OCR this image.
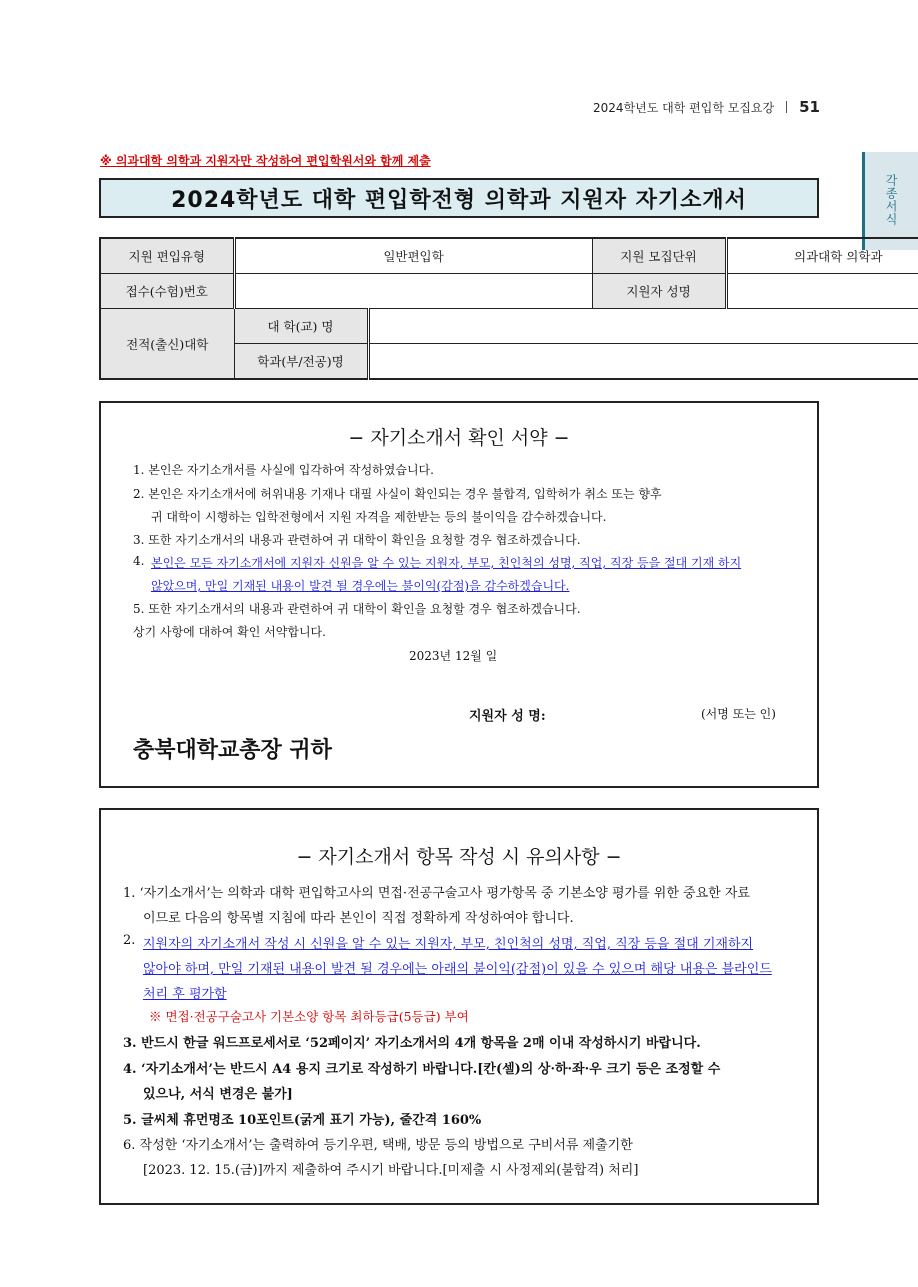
2024학년도 대학 편입학 모집요강 51
각종서식
※ 의과대학 의학과 지원자만 작성하여 편입학원서와 함께 제출
2024학년도 대학 편입학전형 의학과 지원자 자기소개서
지원 편입유형	일반편입학		지원 모집단위	의과대학 의학과
접수(수험)번호			지원자 성명	
전적(출신)대학	대 학(교) 명			
	학과(부/전공)명			
− 자기소개서 확인 서약 −
1. 본인은 자기소개서를 사실에 입각하여 작성하였습니다.
2. 본인은 자기소개서에 허위내용 기재나 대필 사실이 확인되는 경우 불합격, 입학허가 취소 또는 향후
귀 대학이 시행하는 입학전형에서 지원 자격을 제한받는 등의 불이익을 감수하겠습니다.
3. 또한 자기소개서의 내용과 관련하여 귀 대학이 확인을 요청할 경우 협조하겠습니다.
4. 본인은 모든 자기소개서에 지원자 신원을 알 수 있는 지원자, 부모, 친인척의 성명, 직업, 직장 등을 절대 기재 하지
않았으며, 만일 기재된 내용이 발견 될 경우에는 불이익(감점)을 감수하겠습니다.
5. 또한 자기소개서의 내용과 관련하여 귀 대학이 확인을 요청할 경우 협조하겠습니다.
상기 사항에 대하여 확인 서약합니다.
2023년 12월 일
지원자 성 명:	(서명 또는 인)
충북대학교총장 귀하
− 자기소개서 항목 작성 시 유의사항 −
1. ‘자기소개서’는 의학과 대학 편입학고사의 면접·전공구술고사 평가항목 중 기본소양 평가를 위한 중요한 자료
이므로 다음의 항목별 지침에 따라 본인이 직접 정확하게 작성하여야 합니다.
2. 지원자의 자기소개서 작성 시 신원을 알 수 있는 지원자, 부모, 친인척의 성명, 직업, 직장 등을 절대 기재하지
않아야 하며, 만일 기재된 내용이 발견 될 경우에는 아래의 불이익(감점)이 있을 수 있으며 해당 내용은 블라인드
처리 후 평가함
※ 면접·전공구술고사 기본소양 항목 최하등급(5등급) 부여
3. 반드시 한글 워드프로세서로 ‘52페이지’ 자기소개서의 4개 항목을 2매 이내 작성하시기 바랍니다.
4. ‘자기소개서’는 반드시 A4 용지 크기로 작성하기 바랍니다.[칸(셀)의 상·하·좌·우 크기 등은 조정할 수
있으나, 서식 변경은 불가]
5. 글씨체 휴먼명조 10포인트(굵게 표기 가능), 줄간격 160%
6. 작성한 ‘자기소개서’는 출력하여 등기우편, 택배, 방문 등의 방법으로 구비서류 제출기한
[2023. 12. 15.(금)]까지 제출하여 주시기 바랍니다.[미제출 시 사정제외(불합격) 처리]
